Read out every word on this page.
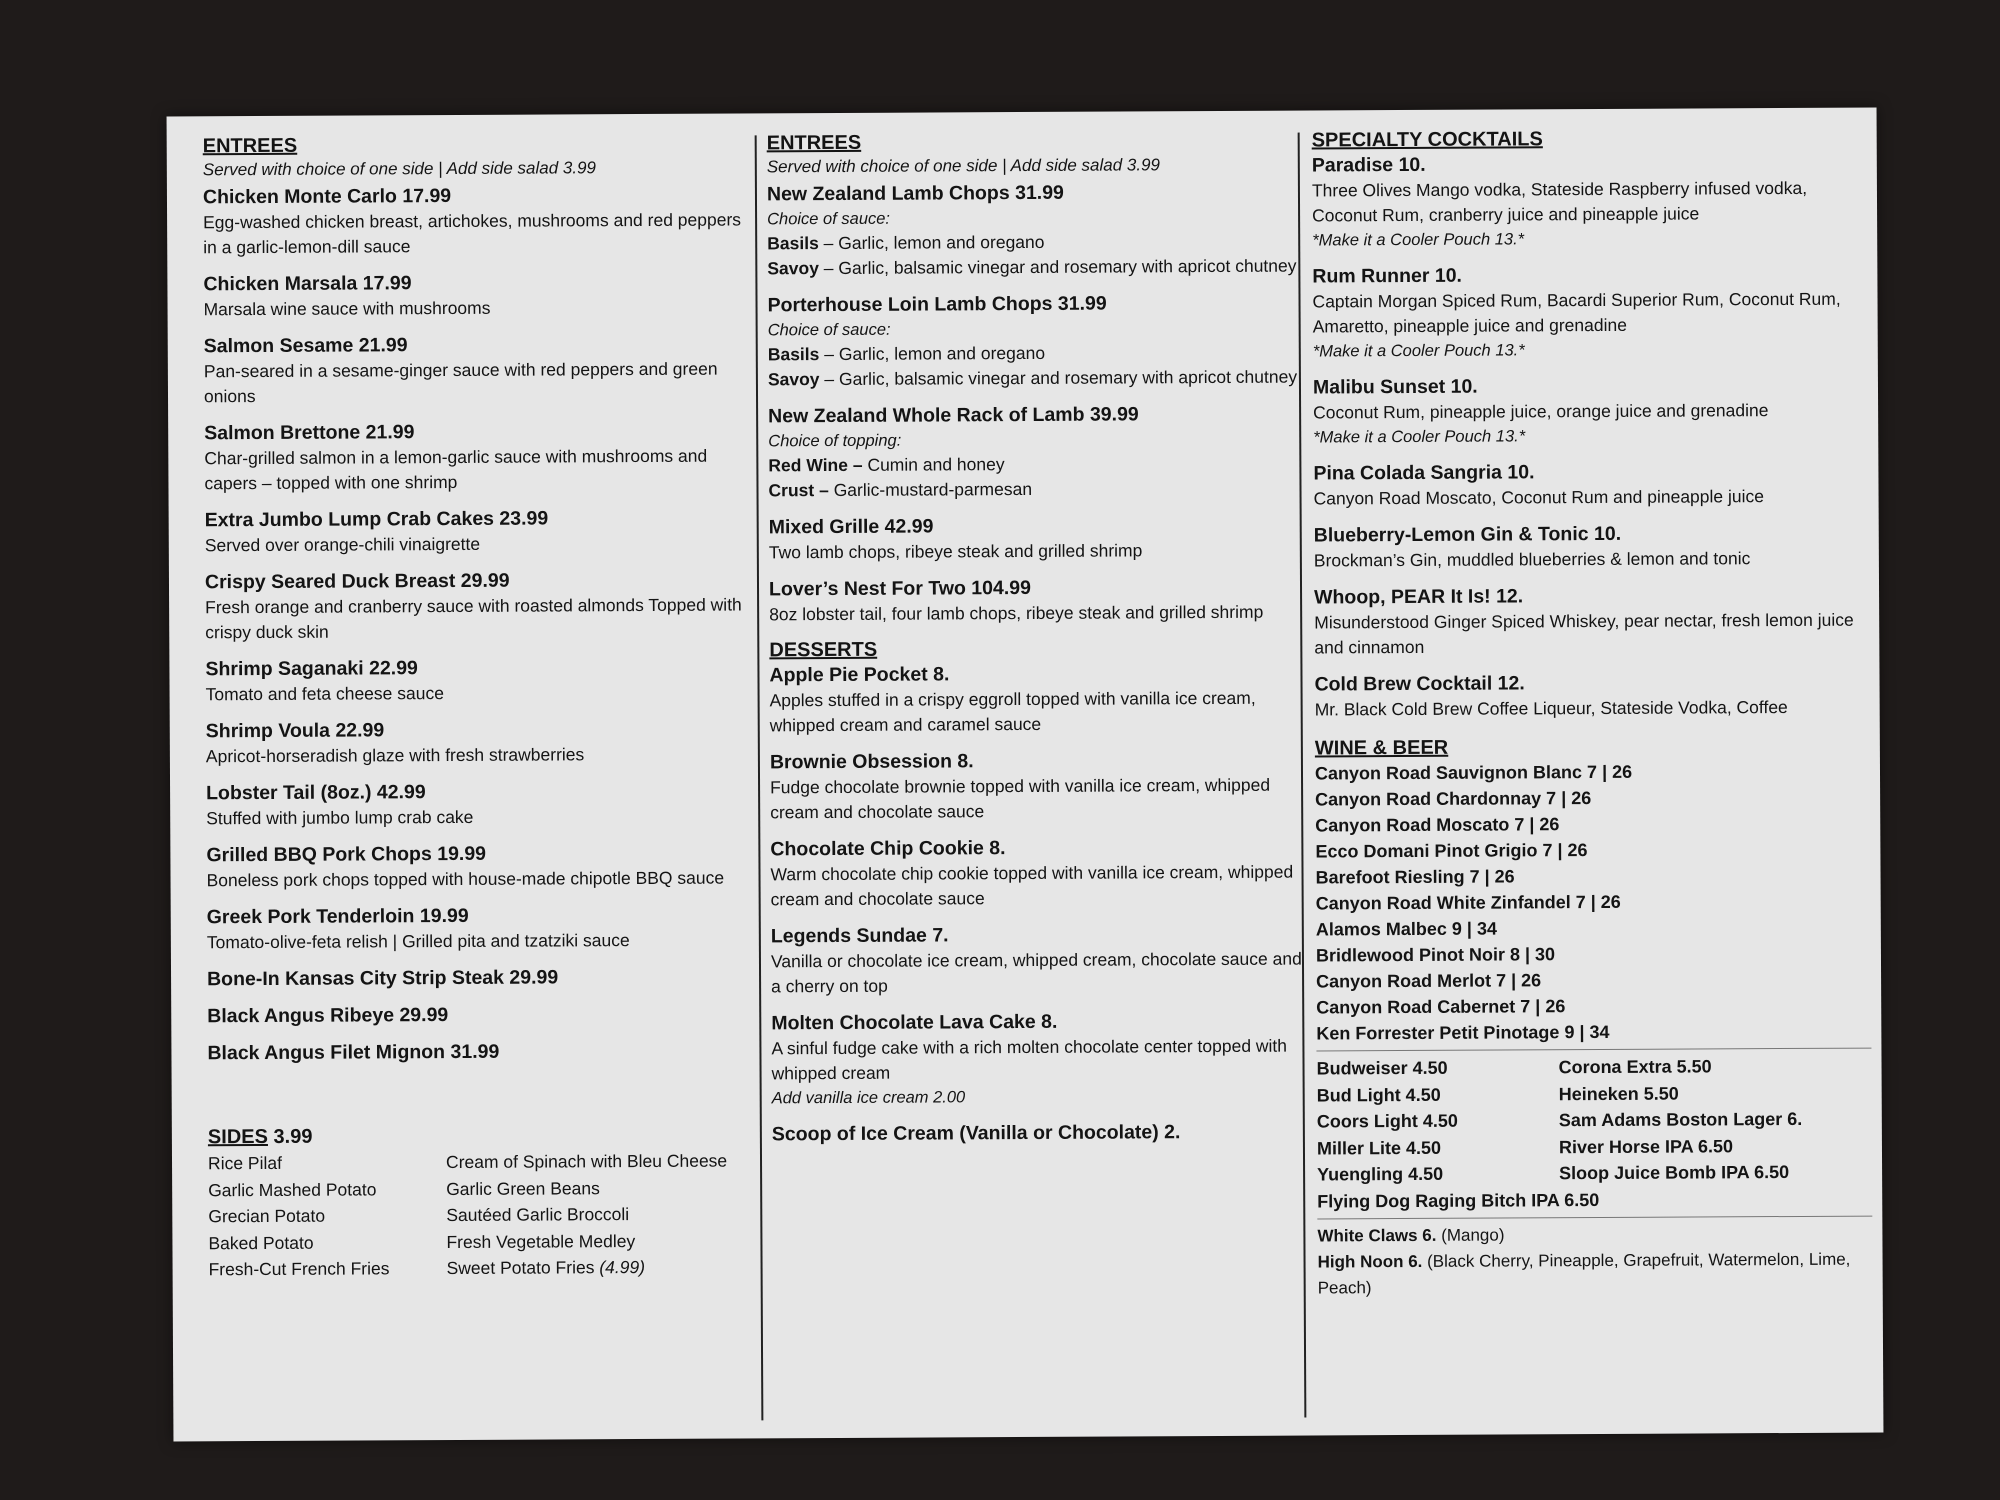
ENTREES

Served with choice of one side | Add side salad 3.99

Chicken Monte Carlo 17.99
Egg-washed chicken breast, artichokes, mushrooms and red peppers in a garlic-lemon-dill sauce
Chicken Marsala 17.99
Marsala wine sauce with mushrooms
Salmon Sesame 21.99
Pan-seared in a sesame-ginger sauce with red peppers and green onions
Salmon Brettone 21.99
Char-grilled salmon in a lemon-garlic sauce with mushrooms and capers – topped with one shrimp
Extra Jumbo Lump Crab Cakes 23.99
Served over orange-chili vinaigrette
Crispy Seared Duck Breast 29.99
Fresh orange and cranberry sauce with roasted almonds Topped with crispy duck skin
Shrimp Saganaki 22.99
Tomato and feta cheese sauce
Shrimp Voula 22.99
Apricot-horseradish glaze with fresh strawberries
Lobster Tail (8oz.) 42.99
Stuffed with jumbo lump crab cake
Grilled BBQ Pork Chops 19.99
Boneless pork chops topped with house-made chipotle BBQ sauce
Greek Pork Tenderloin 19.99
Tomato-olive-feta relish | Grilled pita and tzatziki sauce
Bone-In Kansas City Strip Steak 29.99
Black Angus Ribeye 29.99
Black Angus Filet Mignon 31.99
SIDES 3.99
Rice Pilaf
Garlic Mashed Potato
Grecian Potato
Baked Potato
Fresh-Cut French Fries
Cream of Spinach with Bleu Cheese
Garlic Green Beans
Sautéed Garlic Broccoli
Fresh Vegetable Medley
Sweet Potato Fries (4.99)

ENTREES

Served with choice of one side | Add side salad 3.99

New Zealand Lamb Chops 31.99
Choice of sauce:
Basils – Garlic, lemon and oregano
Savoy – Garlic, balsamic vinegar and rosemary with apricot chutney
Porterhouse Loin Lamb Chops 31.99
Choice of sauce:
Basils – Garlic, lemon and oregano
Savoy – Garlic, balsamic vinegar and rosemary with apricot chutney
New Zealand Whole Rack of Lamb 39.99
Choice of topping:
Red Wine – Cumin and honey
Crust – Garlic-mustard-parmesan
Mixed Grille 42.99
Two lamb chops, ribeye steak and grilled shrimp
Lover’s Nest For Two 104.99
8oz lobster tail, four lamb chops, ribeye steak and grilled shrimp

DESSERTS

Apple Pie Pocket 8.
Apples stuffed in a crispy eggroll topped with vanilla ice cream, whipped cream and caramel sauce
Brownie Obsession 8.
Fudge chocolate brownie topped with vanilla ice cream, whipped cream and chocolate sauce
Chocolate Chip Cookie 8.
Warm chocolate chip cookie topped with vanilla ice cream, whipped cream and chocolate sauce
Legends Sundae 7.
Vanilla or chocolate ice cream, whipped cream, chocolate sauce and a cherry on top
Molten Chocolate Lava Cake 8.
A sinful fudge cake with a rich molten chocolate center topped with whipped cream
Add vanilla ice cream 2.00
Scoop of Ice Cream (Vanilla or Chocolate) 2.

SPECIALTY COCKTAILS

Paradise 10.
Three Olives Mango vodka, Stateside Raspberry infused vodka, Coconut Rum, cranberry juice and pineapple juice
*Make it a Cooler Pouch 13.*
Rum Runner 10.
Captain Morgan Spiced Rum, Bacardi Superior Rum, Coconut Rum, Amaretto, pineapple juice and grenadine
*Make it a Cooler Pouch 13.*
Malibu Sunset 10.
Coconut Rum, pineapple juice, orange juice and grenadine
*Make it a Cooler Pouch 13.*
Pina Colada Sangria 10.
Canyon Road Moscato, Coconut Rum and pineapple juice
Blueberry-Lemon Gin & Tonic 10.
Brockman’s Gin, muddled blueberries & lemon and tonic
Whoop, PEAR It Is! 12.
Misunderstood Ginger Spiced Whiskey, pear nectar, fresh lemon juice and cinnamon
Cold Brew Cocktail 12.
Mr. Black Cold Brew Coffee Liqueur, Stateside Vodka, Coffee

WINE & BEER

Canyon Road Sauvignon Blanc 7 | 26
Canyon Road Chardonnay 7 | 26
Canyon Road Moscato 7 | 26
Ecco Domani Pinot Grigio 7 | 26
Barefoot Riesling 7 | 26
Canyon Road White Zinfandel 7 | 26
Alamos Malbec 9 | 34
Bridlewood Pinot Noir 8 | 30
Canyon Road Merlot 7 | 26
Canyon Road Cabernet 7 | 26
Ken Forrester Petit Pinotage 9 | 34
Budweiser 4.50
Bud Light 4.50
Coors Light 4.50
Miller Lite 4.50
Yuengling 4.50
Corona Extra 5.50
Heineken 5.50
Sam Adams Boston Lager 6.
River Horse IPA 6.50
Sloop Juice Bomb IPA 6.50
Flying Dog Raging Bitch IPA 6.50
White Claws 6. (Mango)
High Noon 6. (Black Cherry, Pineapple, Grapefruit, Watermelon, Lime, Peach)
